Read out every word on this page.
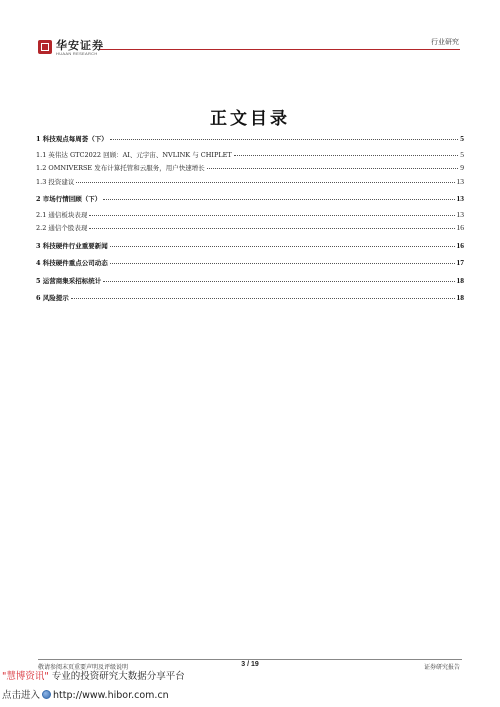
华安证券
HUAAN RESEARCH
行业研究
正文目录
1 科技观点每周荟（下）	5
1.1 英伟达 GTC2022 回顾：AI、元宇宙、NVLINK 与 CHIPLET	5
1.2 OMNIVERSE 发布计算托管和云服务，用户快速增长	9
1.3 投资建议	13
2 市场行情回顾（下）	13
2.1 通信板块表现	13
2.2 通信个股表现	16
3 科技硬件行业重要新闻	16
4 科技硬件重点公司动态	17
5 运营商集采招标统计	18
6 风险提示	18
敬请参阅末页重要声明及评级说明	3 / 19	证券研究报告
"慧博资讯" 专业的投资研究大数据分享平台
点击进入 http://www.hibor.com.cn
